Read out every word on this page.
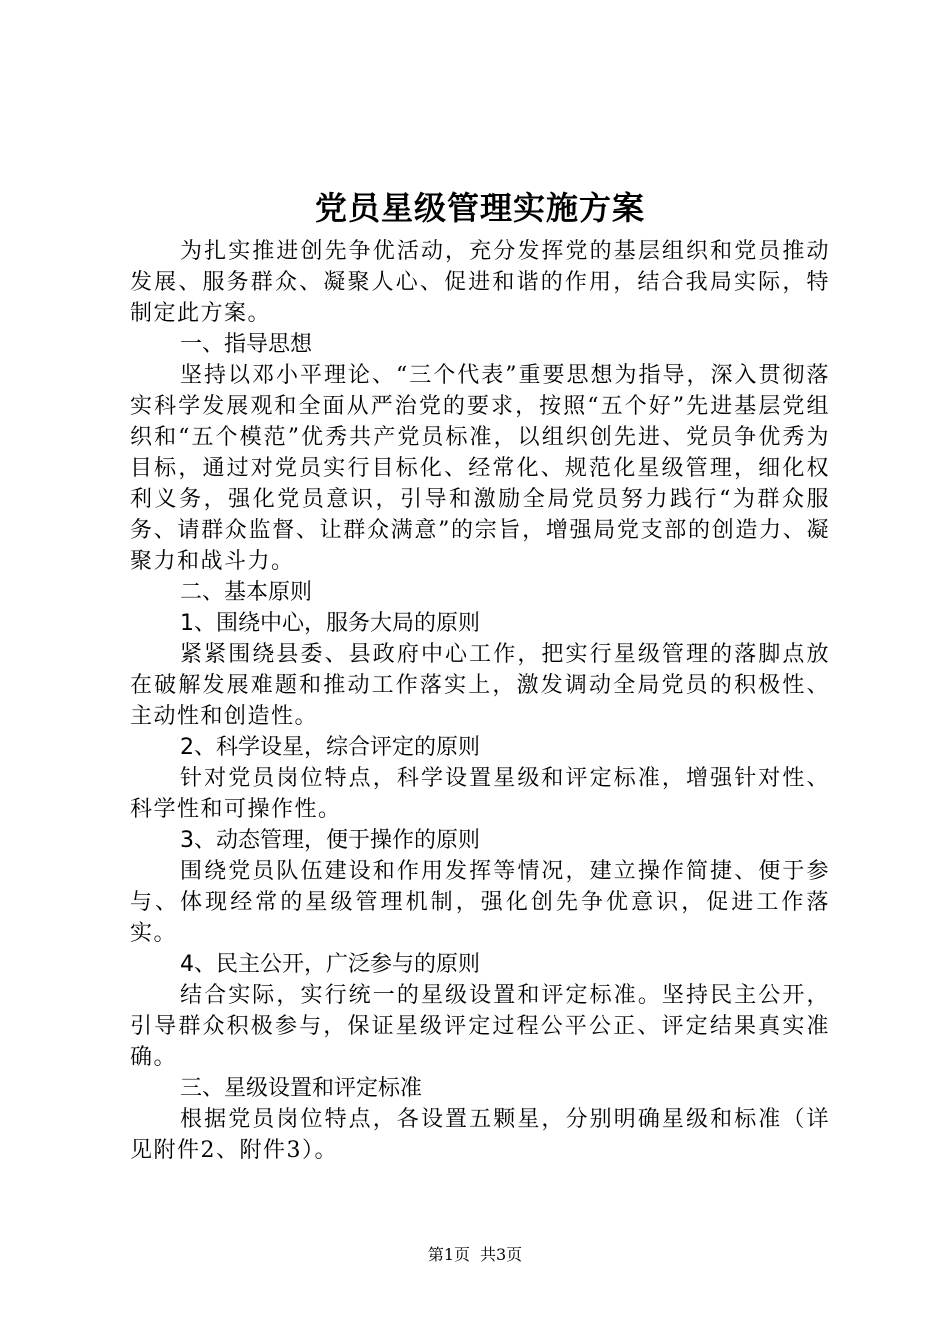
党员星级管理实施方案

为扎实推进创先争优活动，充分发挥党的基层组织和党员推动发展、服务群众、凝聚人心、促进和谐的作用，结合我局实际，特制定此方案。

一、指导思想

坚持以邓小平理论、“三个代表”重要思想为指导，深入贯彻落实科学发展观和全面从严治党的要求，按照“五个好”先进基层党组织和“五个模范”优秀共产党员标准，以组织创先进、党员争优秀为目标，通过对党员实行目标化、经常化、规范化星级管理，细化权利义务，强化党员意识，引导和激励全局党员努力践行“为群众服务、请群众监督、让群众满意”的宗旨，增强局党支部的创造力、凝聚力和战斗力。

二、基本原则
1、围绕中心，服务大局的原则

紧紧围绕县委、县政府中心工作，把实行星级管理的落脚点放在破解发展难题和推动工作落实上，激发调动全局党员的积极性、主动性和创造性。

2、科学设星，综合评定的原则

针对党员岗位特点，科学设置星级和评定标准，增强针对性、科学性和可操作性。

3、动态管理，便于操作的原则

围绕党员队伍建设和作用发挥等情况，建立操作简捷、便于参与、体现经常的星级管理机制，强化创先争优意识，促进工作落实。

4、民主公开，广泛参与的原则

结合实际，实行统一的星级设置和评定标准。坚持民主公开，引导群众积极参与，保证星级评定过程公平公正、评定结果真实准确。

三、星级设置和评定标准

根据党员岗位特点，各设置五颗星，分别明确星级和标准（详见附件2、附件3）。

第1页 共3页
